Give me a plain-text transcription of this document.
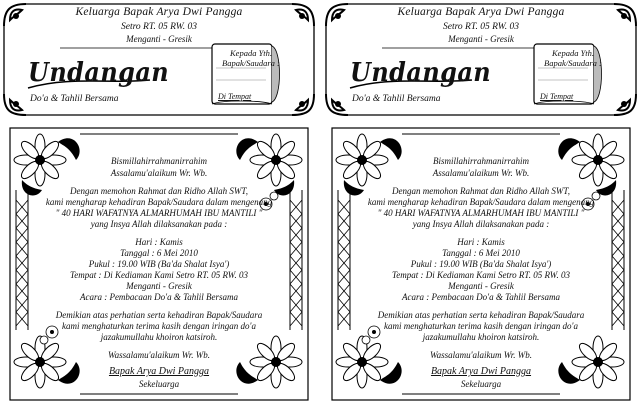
Keluarga Bapak Arya Dwi Pangga
Setro RT. 05 RW. 03
Menganti - Gresik
Undangan
Do'a & Tahlil Bersama
Kepada Yth.
Bapak/Saudara :
Di Tempat
Bismillahirrahmanirrahim
Assalamu'alaikum Wr. Wb.
Dengan memohon Rahmat dan Ridho Allah SWT,
kami mengharap kehadiran Bapak/Saudara dalam mengenang
" 40 HARI WAFATNYA ALMARHUMAH IBU MANTILI "
yang Insya Allah dilaksanakan pada :
Hari : Kamis
Tanggal : 6 Mei 2010
Pukul : 19.00 WIB (Ba'da Shalat Isya')
Tempat : Di Kediaman Kami Setro RT. 05 RW. 03
Menganti - Gresik
Acara : Pembacaan Do'a & Tahlil Bersama
Demikian atas perhatian serta kehadiran Bapak/Saudara
kami menghaturkan terima kasih dengan iringan do'a
jazakumullahu khoiron katsiroh.
Wassalamu'alaikum Wr. Wb.
Bapak Arya Dwi Pangga
Sekeluarga
Keluarga Bapak Arya Dwi Pangga
Setro RT. 05 RW. 03
Menganti - Gresik
Undangan
Do'a & Tahlil Bersama
Kepada Yth.
Bapak/Saudara :
Di Tempat
Bismillahirrahmanirrahim
Assalamu'alaikum Wr. Wb.
Dengan memohon Rahmat dan Ridho Allah SWT,
kami mengharap kehadiran Bapak/Saudara dalam mengenang
" 40 HARI WAFATNYA ALMARHUMAH IBU MANTILI "
yang Insya Allah dilaksanakan pada :
Hari : Kamis
Tanggal : 6 Mei 2010
Pukul : 19.00 WIB (Ba'da Shalat Isya')
Tempat : Di Kediaman Kami Setro RT. 05 RW. 03
Menganti - Gresik
Acara : Pembacaan Do'a & Tahlil Bersama
Demikian atas perhatian serta kehadiran Bapak/Saudara
kami menghaturkan terima kasih dengan iringan do'a
jazakumullahu khoiron katsiroh.
Wassalamu'alaikum Wr. Wb.
Bapak Arya Dwi Pangga
Sekeluarga
